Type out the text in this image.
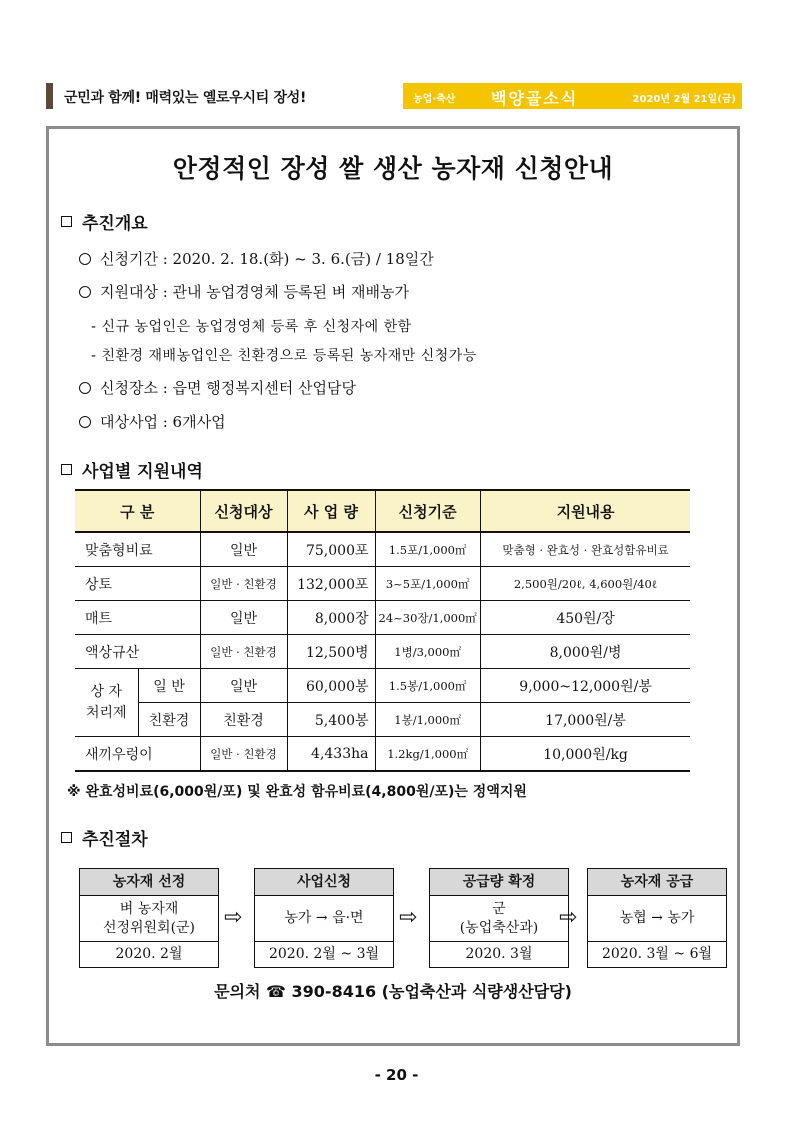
군민과 함께! 매력있는 옐로우시티 장성!	농업·축산 백양골소식	2020년 2월 21일(금)
안정적인 장성 쌀 생산 농자재 신청안내
추진개요
신청기간 : 2020. 2. 18.(화) ~ 3. 6.(금) / 18일간
지원대상 : 관내 농업경영체 등록된 벼 재배농가
- 신규 농업인은 농업경영체 등록 후 신청자에 한함
- 친환경 재배농업인은 친환경으로 등록된 농자재만 신청가능
신청장소 : 읍면 행정복지센터 산업담당
대상사업 : 6개사업
사업별 지원내역
구 분		신청대상	사 업 량	신청기준	지원내용
맞춤형비료		일반	75,000포	1.5포/1,000㎡	맞춤형 · 완효성 · 완효성함유비료
상토		일반 · 친환경	132,000포	3~5포/1,000㎡	2,500원/20ℓ, 4,600원/40ℓ
매트		일반	8,000장	24~30장/1,000㎡	450원/장
액상규산		일반 · 친환경	12,500병	1병/3,000㎡	8,000원/병

상 자
처리제	일 반	일반	60,000봉	1.5봉/1,000㎡	9,000~12,000원/봉
	친환경	친환경	5,400봉	1봉/1,000㎡	17,000원/봉
새끼우렁이		일반 · 친환경	4,433ha	1.2kg/1,000㎡	10,000원/kg
※ 완효성비료(6,000원/포) 및 완효성 함유비료(4,800원/포)는 정액지원
추진절차
농자재 선정
벼 농자재
선정위원회(군)
2020. 2월
⇨
사업신청
농가 → 읍·면
2020. 2월 ~ 3월
⇨
공급량 확정
군
(농업축산과)
2020. 3월
⇨
농자재 공급
농협 → 농가
2020. 3월 ~ 6월
문의처 ☎ 390-8416 (농업축산과 식량생산담당)
- 20 -
